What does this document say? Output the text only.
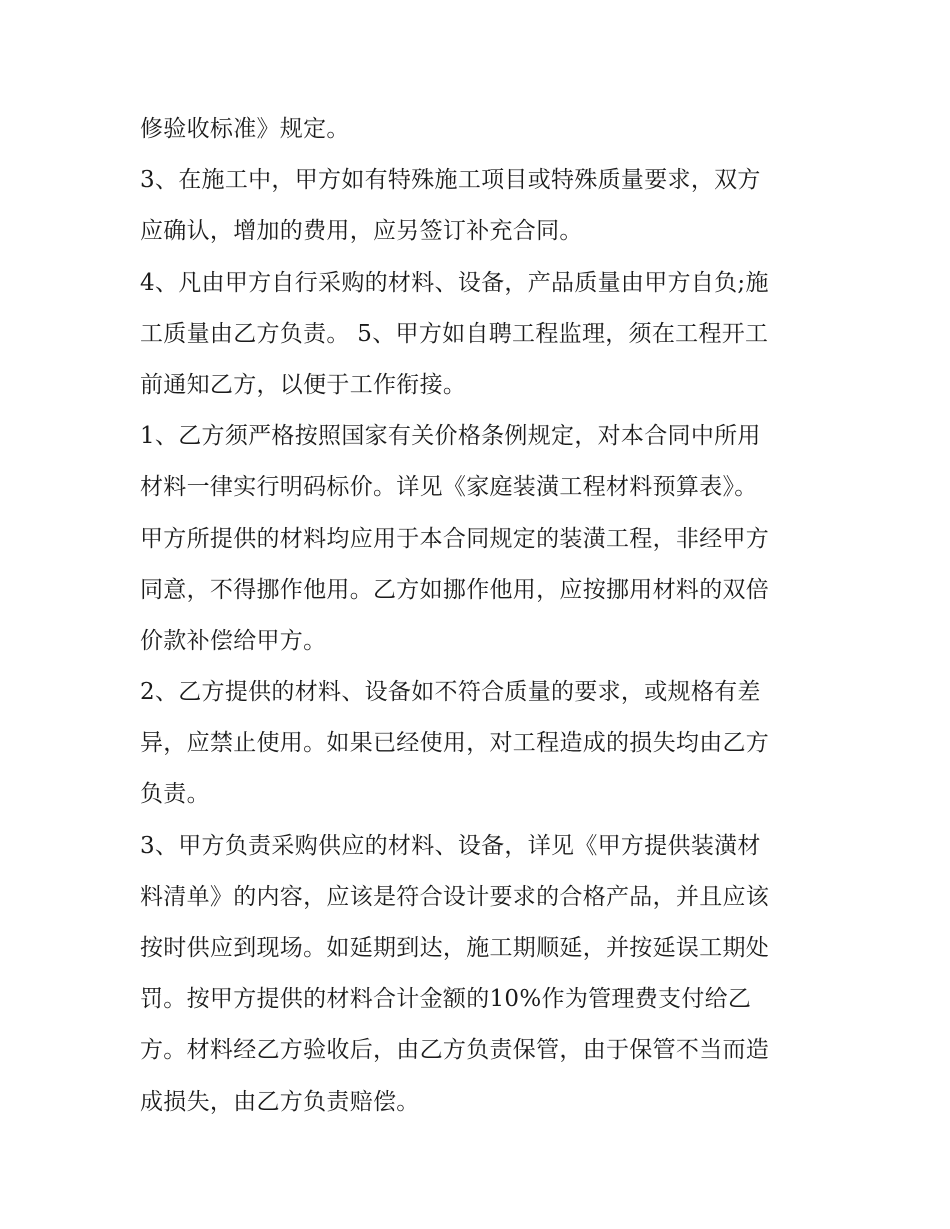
修验收标准》规定。
3、在施工中，甲方如有特殊施工项目或特殊质量要求，双方
应确认，增加的费用，应另签订补充合同。
4、凡由甲方自行采购的材料、设备，产品质量由甲方自负;施
工质量由乙方负责。 5、甲方如自聘工程监理，须在工程开工
前通知乙方，以便于工作衔接。
1、乙方须严格按照国家有关价格条例规定，对本合同中所用
材料一律实行明码标价。详见《家庭装潢工程材料预算表》。
甲方所提供的材料均应用于本合同规定的装潢工程，非经甲方
同意，不得挪作他用。乙方如挪作他用，应按挪用材料的双倍
价款补偿给甲方。
2、乙方提供的材料、设备如不符合质量的要求，或规格有差
异，应禁止使用。如果已经使用，对工程造成的损失均由乙方
负责。
3、甲方负责采购供应的材料、设备，详见《甲方提供装潢材
料清单》的内容，应该是符合设计要求的合格产品，并且应该
按时供应到现场。如延期到达，施工期顺延，并按延误工期处
罚。按甲方提供的材料合计金额的10%作为管理费支付给乙
方。材料经乙方验收后，由乙方负责保管，由于保管不当而造
成损失，由乙方负责赔偿。
